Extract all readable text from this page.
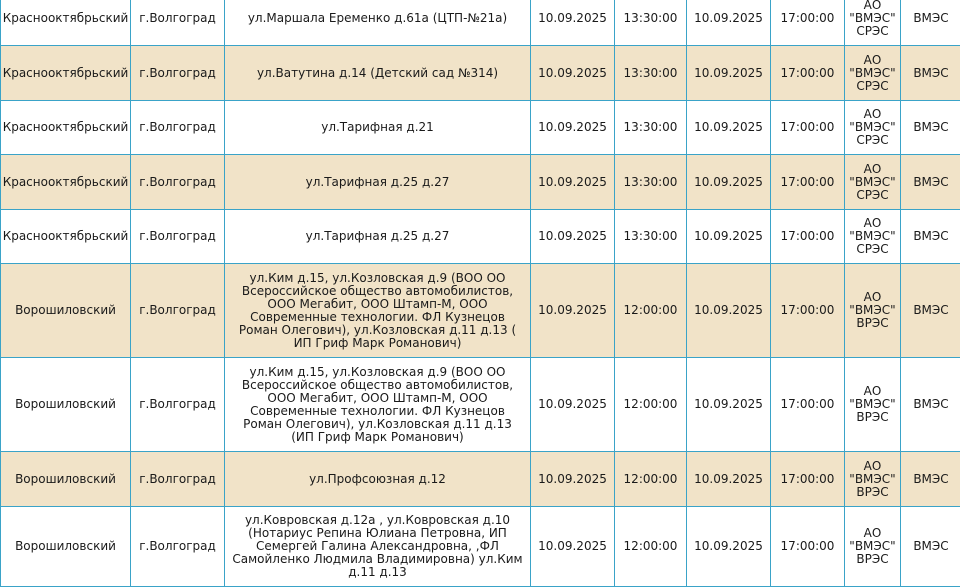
Краснооктябрьский	г.Волгоград	ул.Маршала Еременко д.61а (ЦТП-№21а)	10.09.2025	13:30:00	10.09.2025	17:00:00	АО "ВМЭС" СРЭС	ВМЭС
Краснооктябрьский	г.Волгоград	ул.Ватутина д.14 (Детский сад №314)	10.09.2025	13:30:00	10.09.2025	17:00:00	АО "ВМЭС" СРЭС	ВМЭС
Краснооктябрьский	г.Волгоград	ул.Тарифная д.21	10.09.2025	13:30:00	10.09.2025	17:00:00	АО "ВМЭС" СРЭС	ВМЭС
Краснооктябрьский	г.Волгоград	ул.Тарифная д.25 д.27	10.09.2025	13:30:00	10.09.2025	17:00:00	АО "ВМЭС" СРЭС	ВМЭС
Краснооктябрьский	г.Волгоград	ул.Тарифная д.25 д.27	10.09.2025	13:30:00	10.09.2025	17:00:00	АО "ВМЭС" СРЭС	ВМЭС
Ворошиловский	г.Волгоград	ул.Ким д.15, ул.Козловская д.9 (ВОО ОО Всероссийское общество автомобилистов, ООО Мегабит, ООО Штамп-М, ООО Современные технологии. ФЛ Кузнецов Роман Олегович), ул.Козловская д.11 д.13 ( ИП Гриф Марк Романович)	10.09.2025	12:00:00	10.09.2025	17:00:00	АО "ВМЭС" ВРЭС	ВМЭС
Ворошиловский	г.Волгоград	ул.Ким д.15, ул.Козловская д.9 (ВОО ОО Всероссийское общество автомобилистов, ООО Мегабит, ООО Штамп-М, ООО Современные технологии. ФЛ Кузнецов Роман Олегович), ул.Козловская д.11 д.13 (ИП Гриф Марк Романович)	10.09.2025	12:00:00	10.09.2025	17:00:00	АО "ВМЭС" ВРЭС	ВМЭС
Ворошиловский	г.Волгоград	ул.Профсоюзная д.12	10.09.2025	12:00:00	10.09.2025	17:00:00	АО "ВМЭС" ВРЭС	ВМЭС
Ворошиловский	г.Волгоград	ул.Ковровская д.12а , ул.Ковровская д.10 (Нотариус Репина Юлиана Петровна, ИП Семергей Галина Александровна, ,ФЛ Самойленко Людмила Владимировна) ул.Ким д.11 д.13	10.09.2025	12:00:00	10.09.2025	17:00:00	АО "ВМЭС" ВРЭС	ВМЭС
